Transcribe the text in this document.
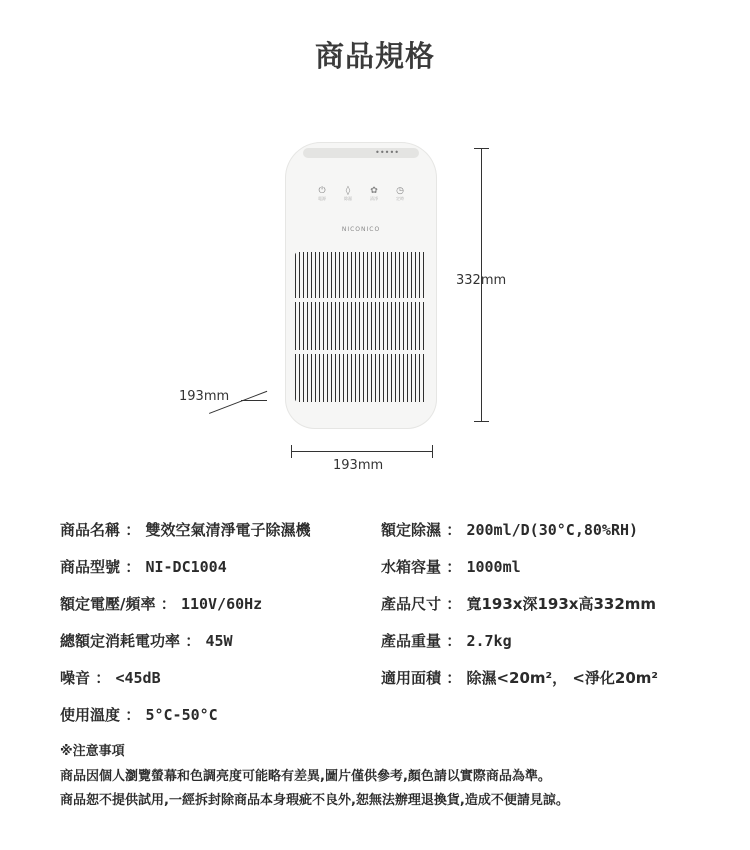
商品規格
•••••
⏻
電源
◊
除濕
✿
清淨
◷
定時
NICONICO
332mm
193mm
193mm
商品名稱 ： 雙效空氣清淨電子除濕機
商品型號 ： NI-DC1004
額定電壓/頻率 ： 110V/60Hz
總額定消耗電功率 ： 45W
噪音 ： <45dB
使用溫度 ： 5°C-50°C
額定除濕 ： 200ml/D(30°C,80%RH)
水箱容量 ： 1000ml
產品尺寸 ： 寬193x深193x高332mm
產品重量 ： 2.7kg
適用面積 ： 除濕<20m²， <淨化20m²
※注意事項
商品因個人瀏覽螢幕和色調亮度可能略有差異,圖片僅供參考,顏色請以實際商品為準。
商品恕不提供試用,一經拆封除商品本身瑕疵不良外,恕無法辦理退換貨,造成不便請見諒。
